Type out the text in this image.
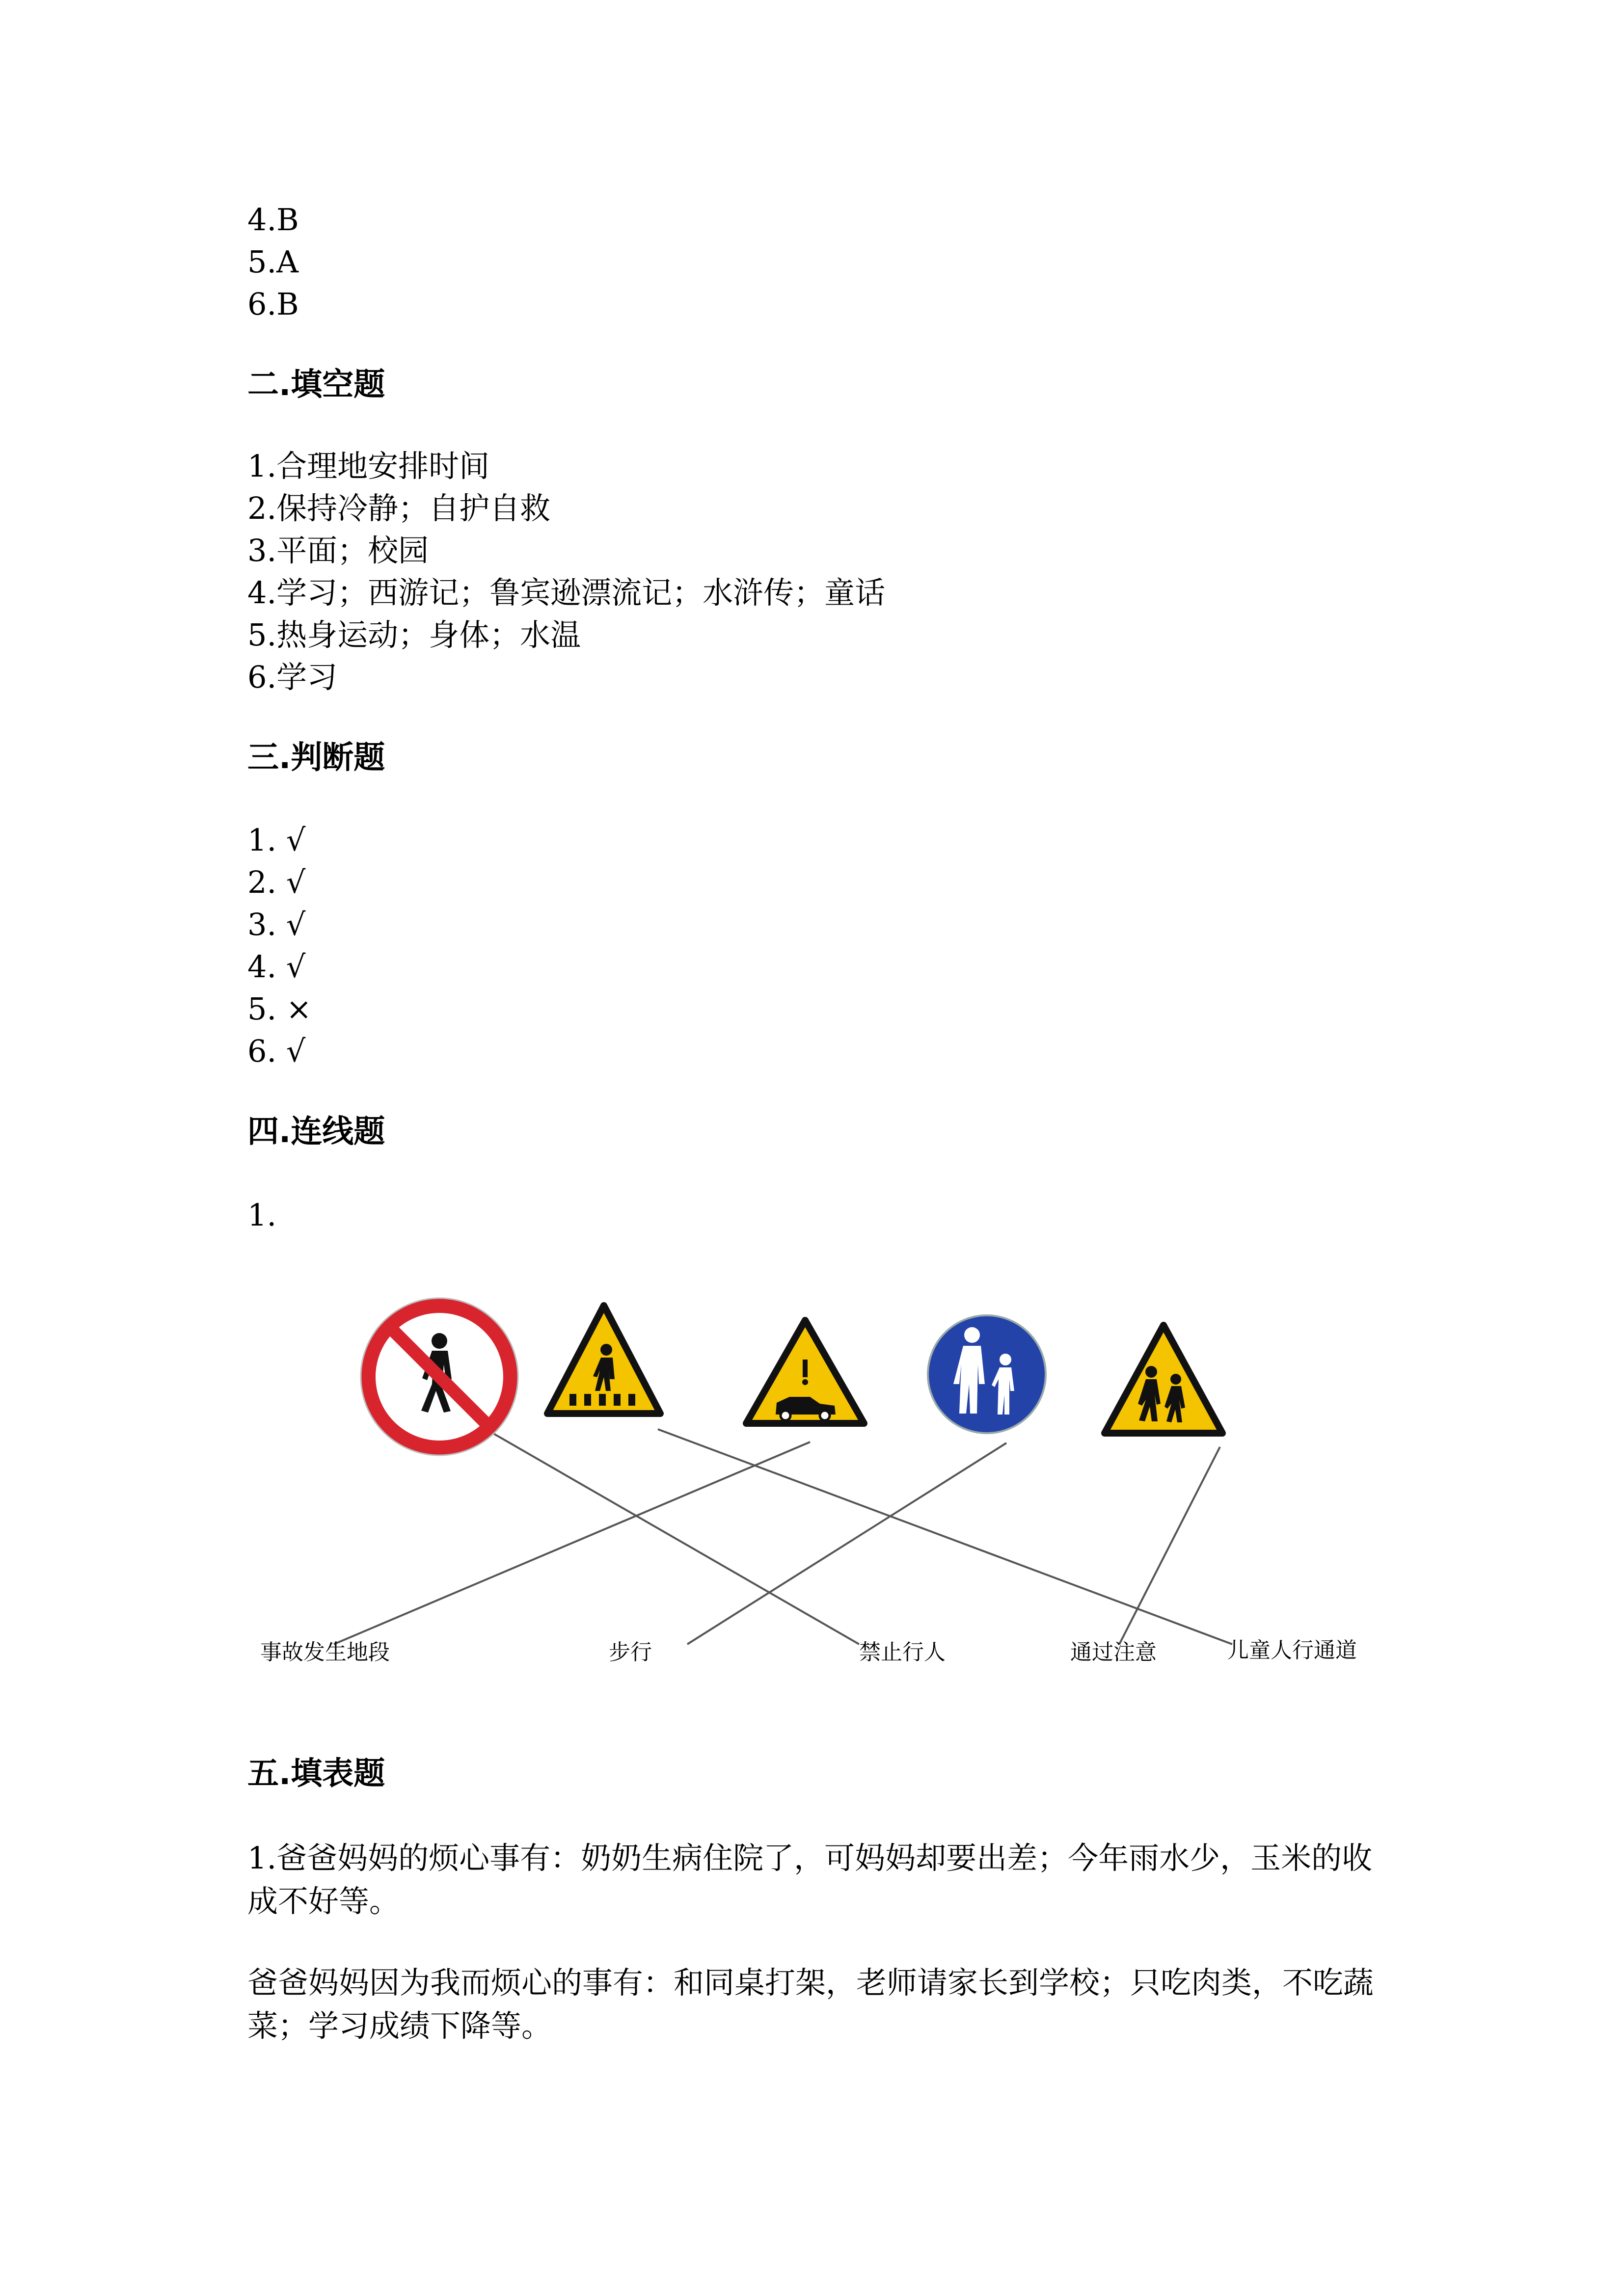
4.B
5.A
6.B
二.填空题
1.合理地安排时间
2.保持冷静；自护自救
3.平面；校园
4.学习；西游记；鲁宾逊漂流记；水浒传；童话
5.热身运动；身体；水温
6.学习
三.判断题
1. √
2. √
3. √
4. √
5. ×
6. √
四.连线题
1.
事故发生地段	步行	禁止行人	通过注意	儿童人行通道
五.填表题
1.爸爸妈妈的烦心事有：奶奶生病住院了，可妈妈却要出差；今年雨水少，玉米的收成不好等。
爸爸妈妈因为我而烦心的事有：和同桌打架，老师请家长到学校；只吃肉类，不吃蔬菜；学习成绩下降等。
